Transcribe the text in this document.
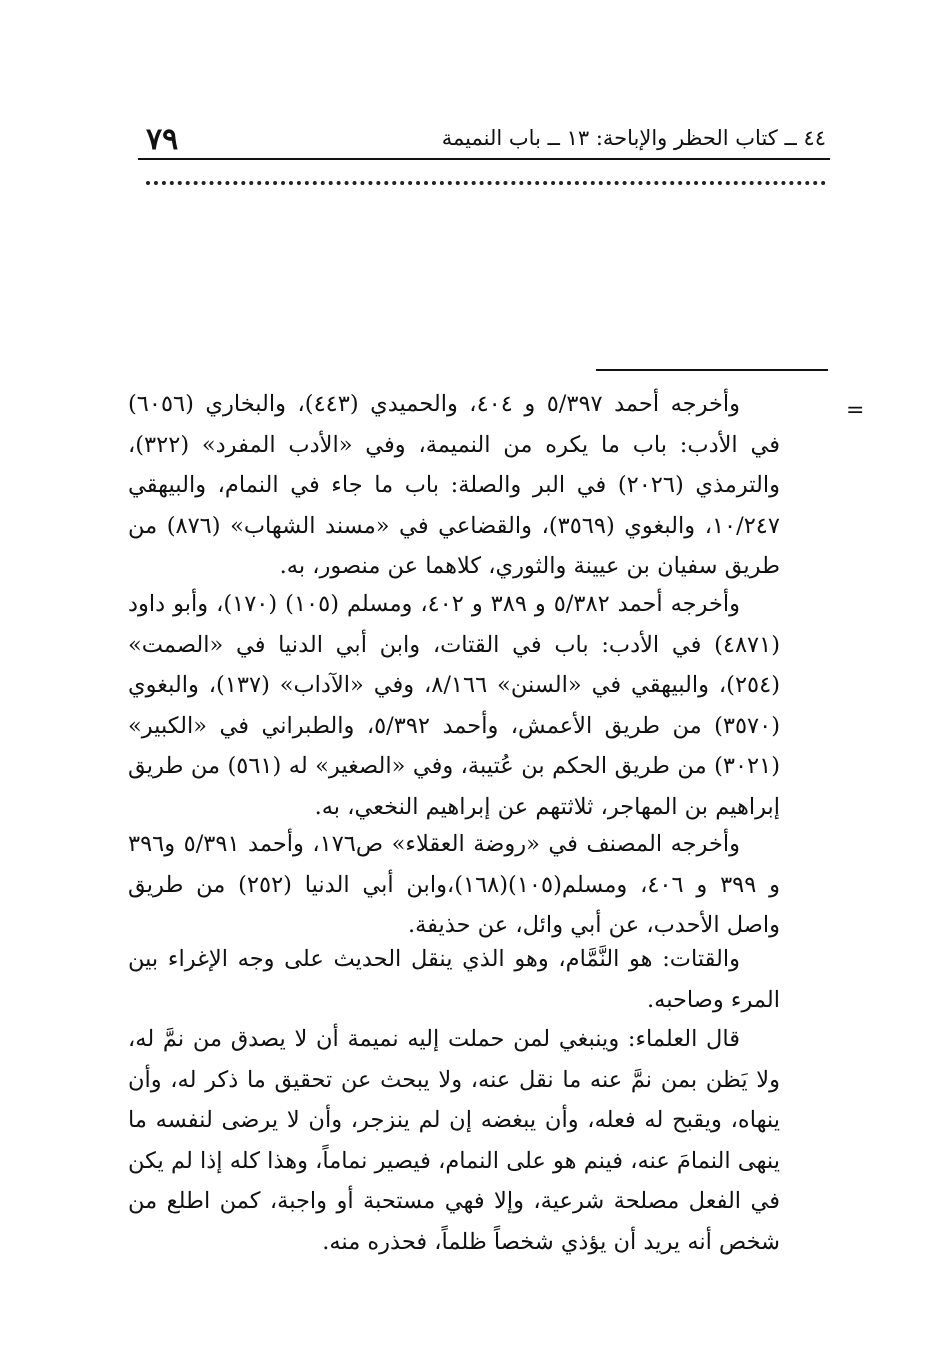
٧٩	٤٤ ــ كتاب الحظر والإباحة: ١٣ ــ باب النميمة
=

وأخرجه أحمد ٥/٣٩٧ و ٤٠٤، والحميدي (٤٤٣)، والبخاري (٦٠٥٦) في الأدب: باب ما يكره من النميمة، وفي «الأدب المفرد» (٣٢٢)، والترمذي (٢٠٢٦) في البر والصلة: باب ما جاء في النمام، والبيهقي ١٠/٢٤٧، والبغوي (٣٥٦٩)، والقضاعي في «مسند الشهاب» (٨٧٦) من طريق سفيان بن عيينة والثوري، كلاهما عن منصور، به.

وأخرجه أحمد ٥/٣٨٢ و ٣٨٩ و ٤٠٢، ومسلم (١٠٥) (١٧٠)، وأبو داود (٤٨٧١) في الأدب: باب في القتات، وابن أبي الدنيا في «الصمت» (٢٥٤)، والبيهقي في «السنن» ٨/١٦٦، وفي «الآداب» (١٣٧)، والبغوي (٣٥٧٠) من طريق الأعمش، وأحمد ٥/٣٩٢، والطبراني في «الكبير» (٣٠٢١) من طريق الحكم بن عُتيبة، وفي «الصغير» له (٥٦١) من طريق إبراهيم بن المهاجر، ثلاثتهم عن إبراهيم النخعي، به.

وأخرجه المصنف في «روضة العقلاء» ص١٧٦، وأحمد ٥/٣٩١ و٣٩٦ و ٣٩٩ و ٤٠٦، ومسلم(١٠٥)(١٦٨)،وابن أبي الدنيا (٢٥٢) من طريق واصل الأحدب، عن أبي وائل، عن حذيفة.

والقتات: هو النَّمَّام، وهو الذي ينقل الحديث على وجه الإغراء بين المرء وصاحبه.

قال العلماء: وينبغي لمن حملت إليه نميمة أن لا يصدق من نمَّ له، ولا يَظن بمن نمَّ عنه ما نقل عنه، ولا يبحث عن تحقيق ما ذكر له، وأن ينهاه، ويقبح له فعله، وأن يبغضه إن لم ينزجر، وأن لا يرضى لنفسه ما ينهى النمامَ عنه، فينم هو على النمام، فيصير نماماً، وهذا كله إذا لم يكن في الفعل مصلحة شرعية، وإلا فهي مستحبة أو واجبة، كمن اطلع من شخص أنه يريد أن يؤذي شخصاً ظلماً، فحذره منه.
